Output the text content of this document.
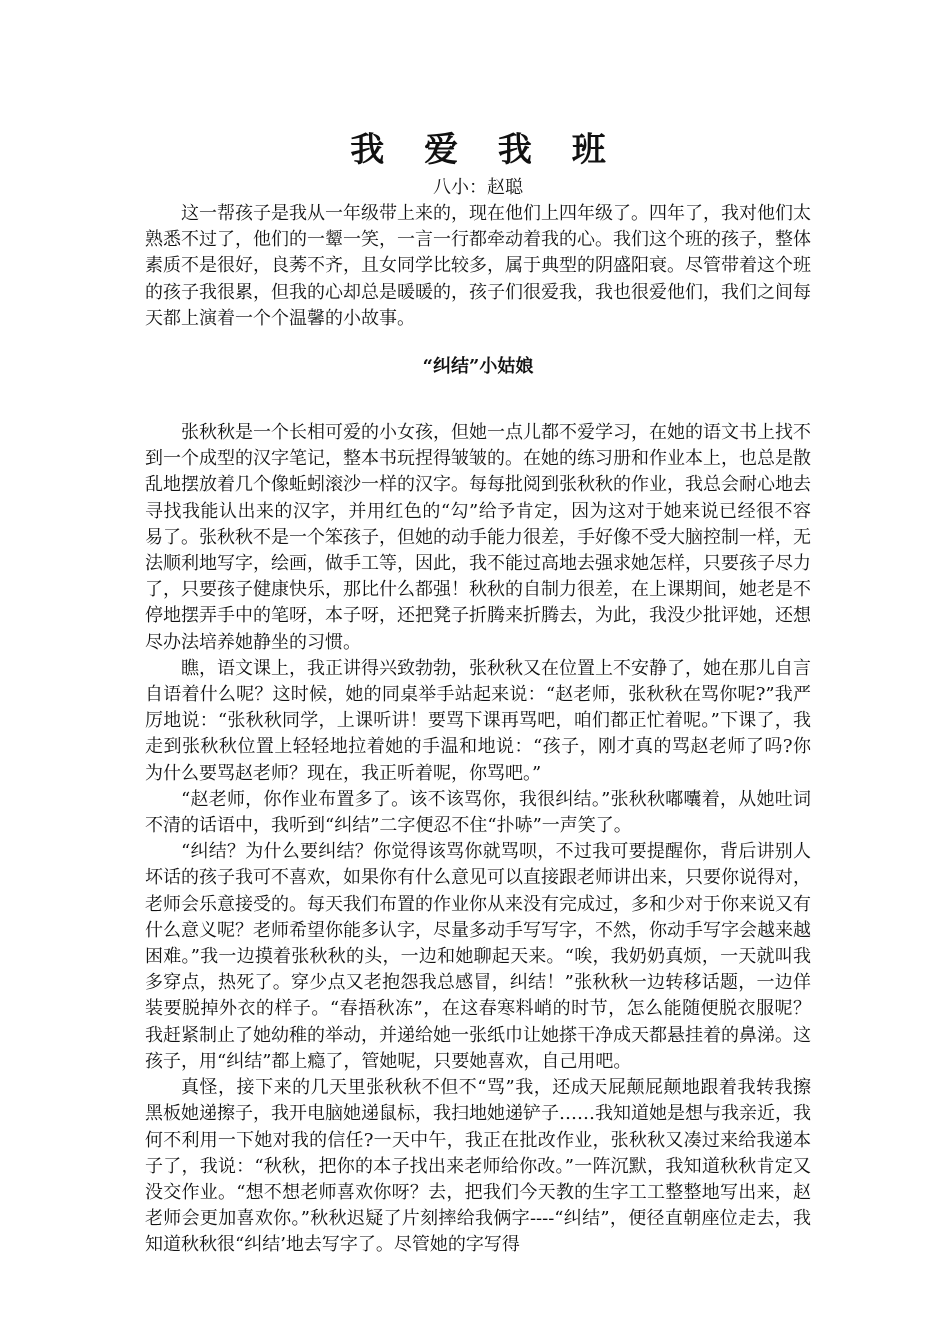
我 爱 我 班

八小：赵聪

这一帮孩子是我从一年级带上来的，现在他们上四年级了。四年了，我对他们太熟悉不过了，他们的一颦一笑，一言一行都牵动着我的心。我们这个班的孩子，整体素质不是很好，良莠不齐，且女同学比较多，属于典型的阴盛阳衰。尽管带着这个班的孩子我很累，但我的心却总是暖暖的，孩子们很爱我，我也很爱他们，我们之间每天都上演着一个个温馨的小故事。

“纠结”小姑娘

张秋秋是一个长相可爱的小女孩，但她一点儿都不爱学习，在她的语文书上找不到一个成型的汉字笔记，整本书玩捏得皱皱的。在她的练习册和作业本上，也总是散乱地摆放着几个像蚯蚓滚沙一样的汉字。每每批阅到张秋秋的作业，我总会耐心地去寻找我能认出来的汉字，并用红色的“勾”给予肯定，因为这对于她来说已经很不容易了。张秋秋不是一个笨孩子，但她的动手能力很差，手好像不受大脑控制一样，无法顺利地写字，绘画，做手工等，因此，我不能过高地去强求她怎样，只要孩子尽力了，只要孩子健康快乐，那比什么都强！秋秋的自制力很差，在上课期间，她老是不停地摆弄手中的笔呀，本子呀，还把凳子折腾来折腾去，为此，我没少批评她，还想尽办法培养她静坐的习惯。

瞧，语文课上，我正讲得兴致勃勃，张秋秋又在位置上不安静了，她在那儿自言自语着什么呢？这时候，她的同桌举手站起来说：“赵老师，张秋秋在骂你呢?”我严厉地说：“张秋秋同学，上课听讲！要骂下课再骂吧，咱们都正忙着呢。”下课了，我走到张秋秋位置上轻轻地拉着她的手温和地说：“孩子，刚才真的骂赵老师了吗?你为什么要骂赵老师？现在，我正听着呢，你骂吧。”

“赵老师，你作业布置多了。该不该骂你，我很纠结。”张秋秋嘟囔着，从她吐词不清的话语中，我听到“纠结”二字便忍不住“扑哧”一声笑了。

“纠结？为什么要纠结？你觉得该骂你就骂呗，不过我可要提醒你，背后讲别人坏话的孩子我可不喜欢，如果你有什么意见可以直接跟老师讲出来，只要你说得对，老师会乐意接受的。每天我们布置的作业你从来没有完成过，多和少对于你来说又有什么意义呢？老师希望你能多认字，尽量多动手写写字，不然，你动手写字会越来越困难。”我一边摸着张秋秋的头，一边和她聊起天来。“唉，我奶奶真烦，一天就叫我多穿点，热死了。穿少点又老抱怨我总感冒，纠结！”张秋秋一边转移话题，一边佯装要脱掉外衣的样子。“春捂秋冻”，在这春寒料峭的时节，怎么能随便脱衣服呢？我赶紧制止了她幼稚的举动，并递给她一张纸巾让她搽干净成天都悬挂着的鼻涕。这孩子，用“纠结”都上瘾了，管她呢，只要她喜欢，自己用吧。

真怪，接下来的几天里张秋秋不但不“骂”我，还成天屁颠屁颠地跟着我转我擦黑板她递擦子，我开电脑她递鼠标，我扫地她递铲子……我知道她是想与我亲近，我何不利用一下她对我的信任?一天中午，我正在批改作业，张秋秋又凑过来给我递本子了，我说：“秋秋，把你的本子找出来老师给你改。”一阵沉默，我知道秋秋肯定又没交作业。“想不想老师喜欢你呀？去，把我们今天教的生字工工整整地写出来，赵老师会更加喜欢你。”秋秋迟疑了片刻摔给我俩字----“纠结”，便径直朝座位走去，我知道秋秋很“纠结’地去写字了。尽管她的字写得
